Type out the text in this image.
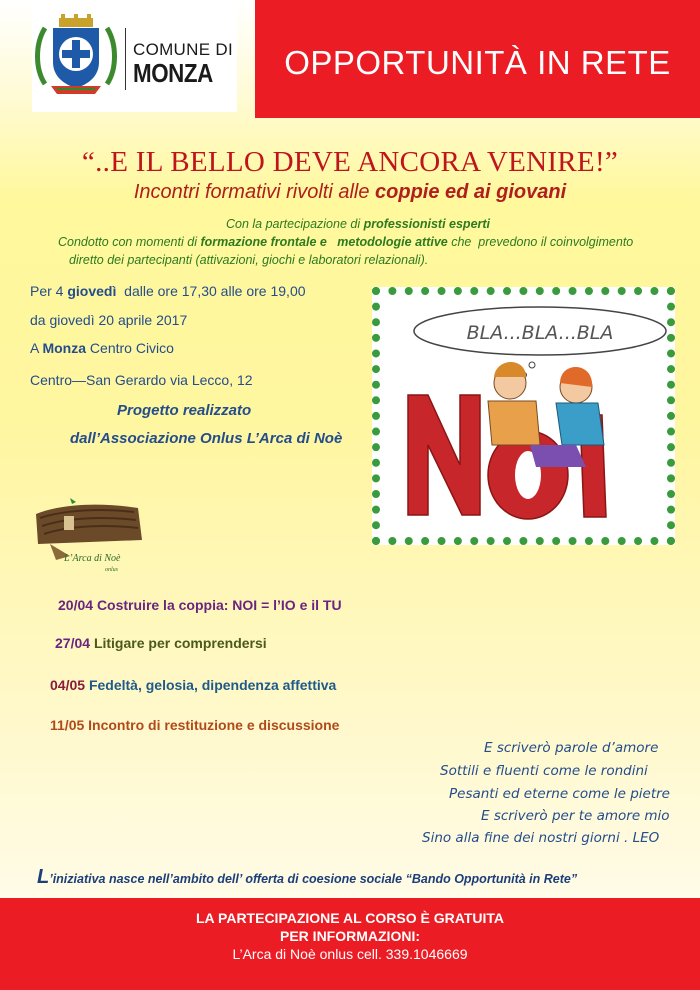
COMUNE DI
MONZA	OPPORTUNITÀ IN RETE
“..E IL BELLO DEVE ANCORA VENIRE!”
Incontri formativi rivolti alle coppie ed ai giovani
Con la partecipazione di professionisti esperti
Condotto con momenti di formazione frontale e metodologie attive che  prevedono il coinvolgimento
diretto dei partecipanti (attivazioni, giochi e laboratori relazionali).
Per 4 giovedì  dalle ore 17,30 alle ore 19,00
da giovedì 20 aprile 2017
A Monza Centro Civico
Centro—San Gerardo via Lecco, 12
Progetto realizzato
dall’Associazione Onlus L’Arca di Noè
BLA...BLA...BLA
L’Arca di Noè
onlus
20/04 Costruire la coppia: NOI = l’IO e il TU
27/04 Litigare per comprendersi
04/05 Fedeltà, gelosia, dipendenza affettiva
11/05 Incontro di restituzione e discussione
E scriverò parole d’amore
Sottili e fluenti come le rondini
Pesanti ed eterne come le pietre
E scriverò per te amore mio
Sino alla fine dei nostri giorni . LEO
L’iniziativa nasce nell’ambito dell’ offerta di coesione sociale “Bando Opportunità in Rete”
LA PARTECIPAZIONE AL CORSO È GRATUITA
PER INFORMAZIONI:
L’Arca di Noè onlus cell. 339.1046669
